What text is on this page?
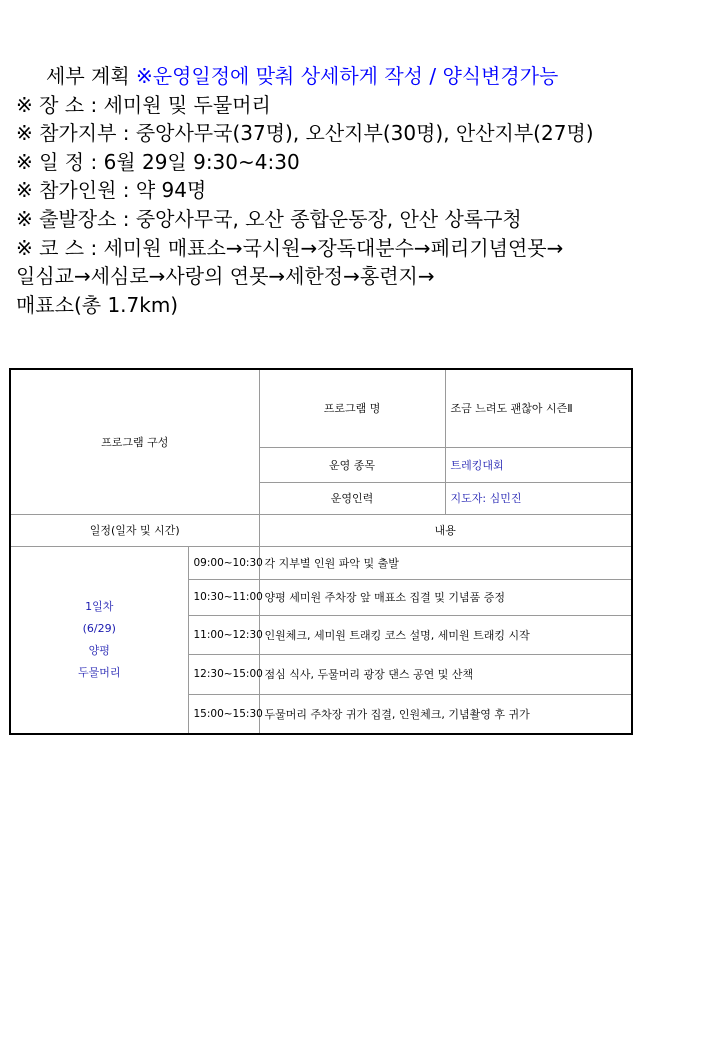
세부 계획 ※운영일정에 맞춰 상세하게 작성 / 양식변경가능
※ 장 소 : 세미원 및 두물머리
※ 참가지부 : 중앙사무국(37명), 오산지부(30명), 안산지부(27명)
※ 일 정 : 6월 29일 9:30~4:30
※ 참가인원 : 약 94명
※ 출발장소 : 중앙사무국, 오산 종합운동장, 안산 상록구청
※ 코 스 : 세미원 매표소→국시원→장독대분수→페리기념연못→
일심교→세심로→사랑의 연못→세한정→홍련지→
매표소(총 1.7km)
프로그램 구성		프로그램 명	조금 느려도 괜찮아 시즌Ⅱ
		운영 종목	트레킹대회
		운영인력	지도자: 심민진
일정(일자 및 시간)		내용	

1일차
(6/29)
양평
두물머리	09:00~10:30	각 지부별 인원 파악 및 출발	
	10:30~11:00	양평 세미원 주차장 앞 매표소 집결 및 기념품 증정	
	11:00~12:30	인원체크, 세미원 트래킹 코스 설명, 세미원 트래킹 시작	
	12:30~15:00	점심 식사, 두물머리 광장 댄스 공연 및 산책	
	15:00~15:30	두물머리 주차장 귀가 집결, 인원체크, 기념촬영 후 귀가	
